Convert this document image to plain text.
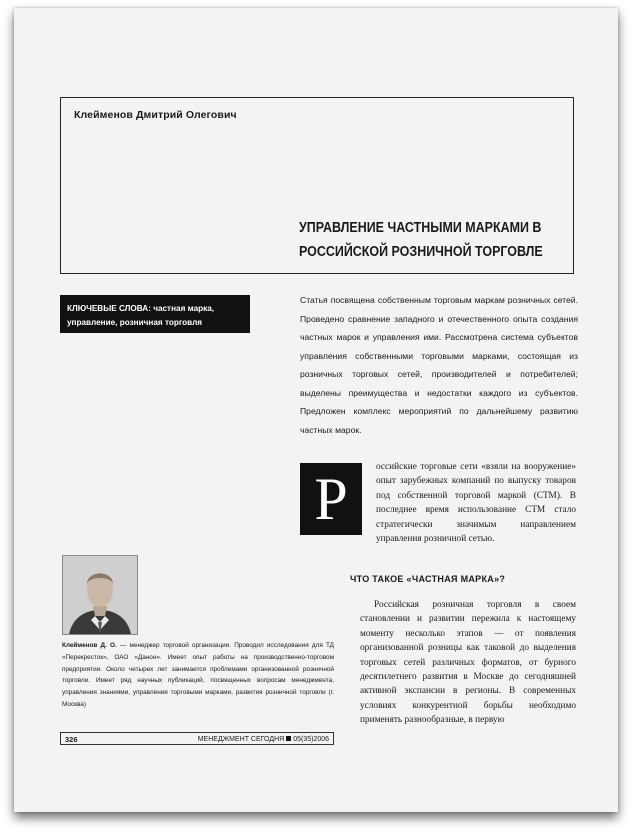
Клейменов Дмитрий Олегович
УПРАВЛЕНИЕ ЧАСТНЫМИ МАРКАМИ В
РОССИЙСКОЙ РОЗНИЧНОЙ ТОРГОВЛЕ
КЛЮЧЕВЫЕ СЛОВА: частная марка, управление, розничная торговля
Статья посвящена собственным торговым маркам розничных сетей. Проведено сравнение западного и отечественного опыта создания частных марок и управления ими. Рассмотрена система субъектов управления собственными торговыми марками, состоящая из розничных торговых сетей, производителей и потребителей; выделены преимущества и недостатки каждого из субъектов. Предложен комплекс мероприятий по дальнейшему развитию частных марок.
Р	оссийские торговые сети «взяли на вооружение» опыт зарубежных компаний по выпуску товаров под собственной торговой маркой (СТМ). В последнее время использование СТМ стало стратегически значимым направлением управления розничной сетью.

Клейменов Д. О. — менеджер торговой организации. Проводил исследования для ТД «Перекресток», ОАО «Данон». Имеет опыт работы на производственно-торговом предприятии. Около четырех лет занимается проблемами организованной розничной торговли. Имеет ряд научных публикаций, посвященных вопросам менеджмента, управления знаниями, управления торговыми марками, развития розничной торговли (г. Москва)
ЧТО ТАКОЕ «ЧАСТНАЯ МАРКА»?
Российская розничная торговля в своем становлении и развитии пережила к настоящему моменту несколько этапов — от появления организованной розницы как таковой до выделения торговых сетей различных форматов, от бурного десятилетнего развития в Москве до сегодняшней активной экспансии в регионы. В современных условиях конкурентной борьбы необходимо применять разнообразные, в первую
326	МЕНЕДЖМЕНТ СЕГОДНЯ 05(35)2006
